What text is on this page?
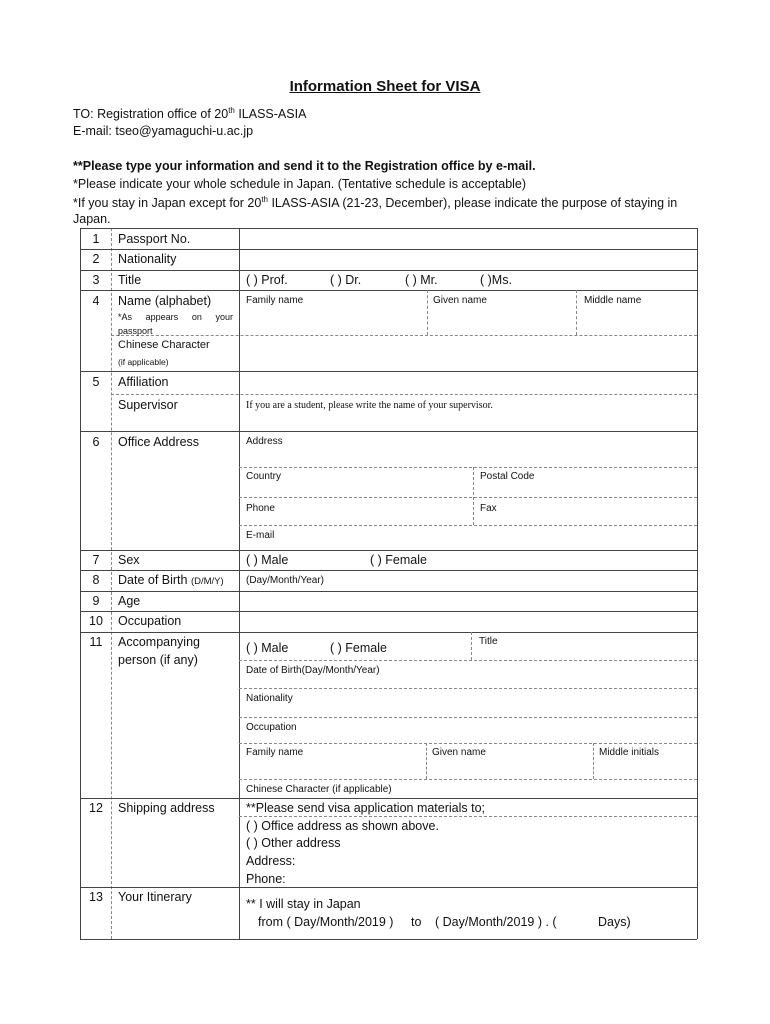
Information Sheet for VISA
TO: Registration office of 20th ILASS-ASIA
E-mail: tseo@yamaguchi-u.ac.jp
**Please type your information and send it to the Registration office by e-mail.
*Please indicate your whole schedule in Japan. (Tentative schedule is acceptable)
*If you stay in Japan except for 20th ILASS-ASIA (21-23, December), please indicate the purpose of staying in
Japan.
1	Passport No.
2	Nationality
3	Title	( ) Prof.	( ) Dr.	( ) Mr.	( )Ms.
4	Name (alphabet)
*As appears on your passport
Family name	Given name	Middle name
Chinese Character
(if applicable)
5	Affiliation
Supervisor	If you are a student, please write the name of your supervisor.
6	Office Address	Address
Country	Postal Code
Phone	Fax
E-mail
7	Sex	( ) Male	( ) Female
8	Date of Birth (D/M/Y) (Day/Month/Year)
9	Age
10	Occupation
11	Accompanying
person (if any)
( ) Male	( ) Female	Title
Date of Birth(Day/Month/Year)
Nationality
Occupation
Family name	Given name	Middle initials
Chinese Character (if applicable)
12	Shipping address	**Please send visa application materials to;
( ) Office address as shown above.
( ) Other address
Address:
Phone:
13	Your Itinerary	** I will stay in Japan
from ( Day/Month/2019 ) to ( Day/Month/2019 ) . (	Days)
